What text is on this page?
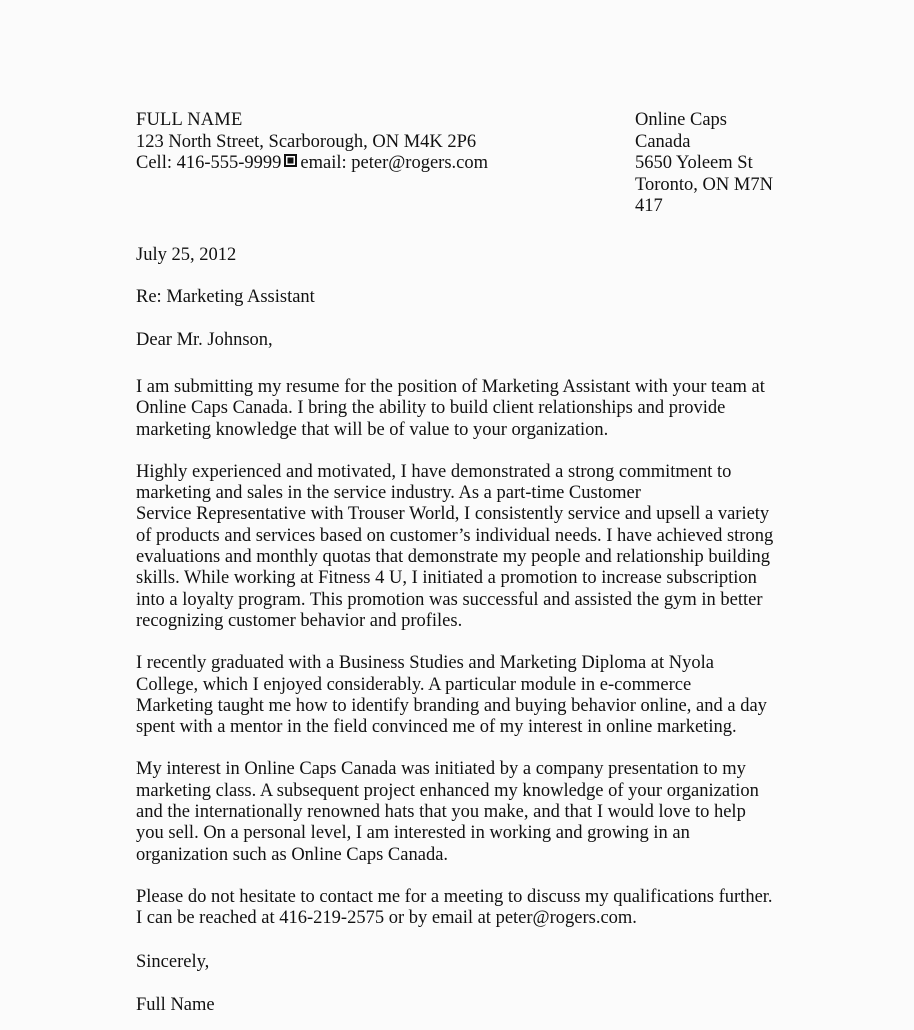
FULL NAME
123 North Street, Scarborough, ON M4K 2P6
Cell: 416-555-9999 email: peter@rogers.com
Online Caps Canada
5650 Yoleem St
Toronto, ON M7N 417
July 25, 2012
Re: Marketing Assistant
Dear Mr. Johnson,
I am submitting my resume for the position of Marketing Assistant with your team at
Online Caps Canada. I bring the ability to build client relationships and provide
marketing knowledge that will be of value to your organization.
Highly experienced and motivated, I have demonstrated a strong commitment to
marketing and sales in the service industry. As a part-time Customer
Service Representative with Trouser World, I consistently service and upsell a variety
of products and services based on customer’s individual needs. I have achieved strong
evaluations and monthly quotas that demonstrate my people and relationship building
skills. While working at Fitness 4 U, I initiated a promotion to increase subscription
into a loyalty program. This promotion was successful and assisted the gym in better
recognizing customer behavior and profiles.
I recently graduated with a Business Studies and Marketing Diploma at Nyola
College, which I enjoyed considerably. A particular module in e-commerce
Marketing taught me how to identify branding and buying behavior online, and a day
spent with a mentor in the field convinced me of my interest in online marketing.
My interest in Online Caps Canada was initiated by a company presentation to my
marketing class. A subsequent project enhanced my knowledge of your organization
and the internationally renowned hats that you make, and that I would love to help
you sell. On a personal level, I am interested in working and growing in an
organization such as Online Caps Canada.
Please do not hesitate to contact me for a meeting to discuss my qualifications further.
I can be reached at 416-219-2575 or by email at peter@rogers.com.
Sincerely,
Full Name
